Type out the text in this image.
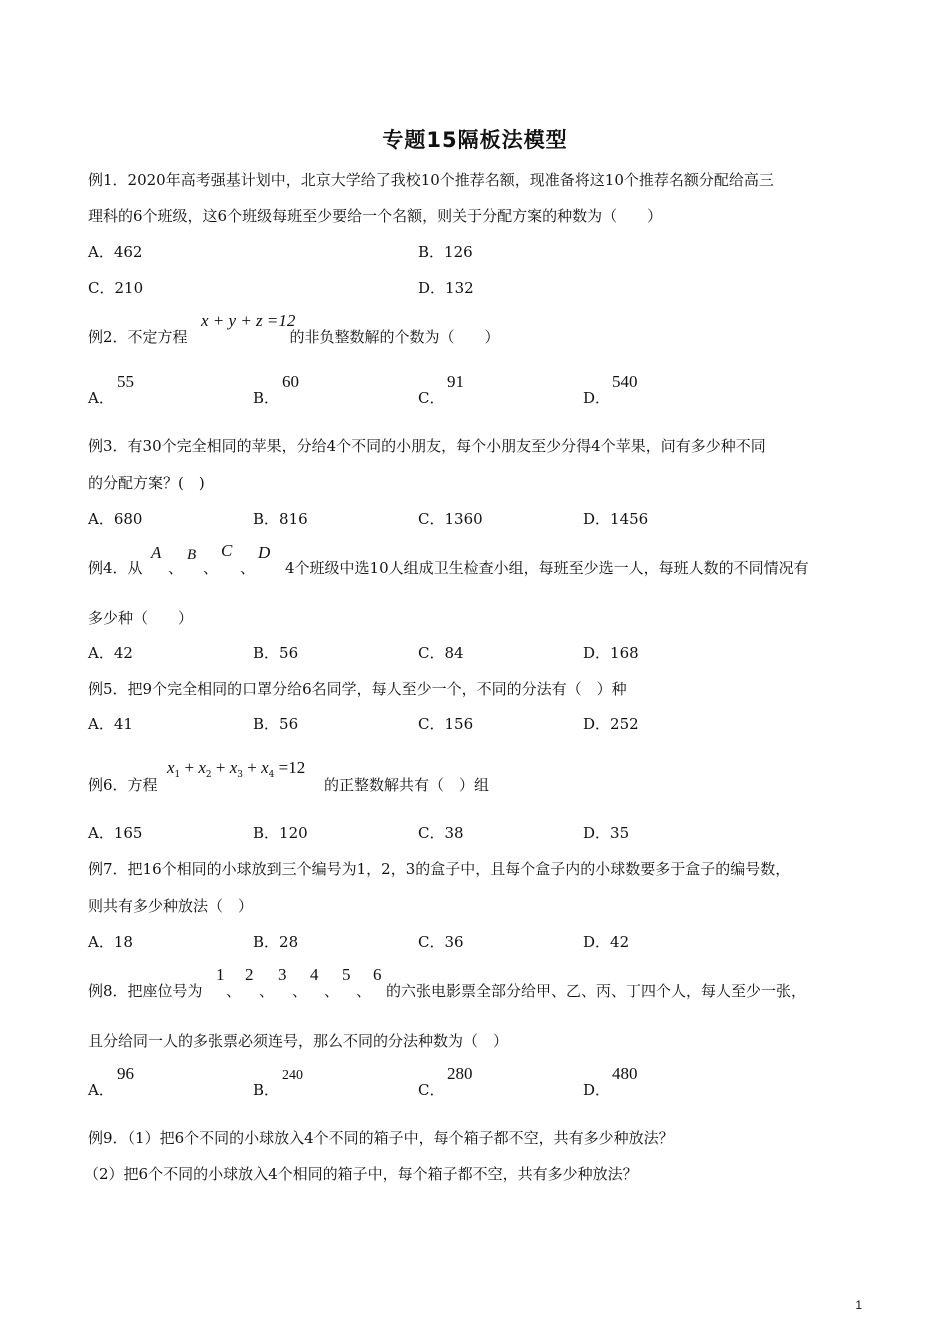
专题15隔板法模型
例1．2020年高考强基计划中，北京大学给了我校10个推荐名额，现准备将这10个推荐名额分配给高三
理科的6个班级，这6个班级每班至少要给一个名额，则关于分配方案的种数为（　　）
A．462	B．126
C．210	D．132
例2．不定方程	的非负整数解的个数为（　　）
x + y + z =12
A．
55
B．
60
C．
91
D．
540
例3．有30个完全相同的苹果，分给4个不同的小朋友，每个小朋友至少分得4个苹果，问有多少种不同
的分配方案？(　)
A．680	B．816	C．1360	D．1456
例4．从
A
、
B
、
C
、
D
4个班级中选10人组成卫生检查小组，每班至少选一人，每班人数的不同情况有
多少种（　　）
A．42	B．56	C．84	D．168
例5．把9个完全相同的口罩分给6名同学，每人至少一个，不同的分法有（　）种
A．41	B．56	C．156	D．252
例6．方程
$x_1 + x_2 + x_3 + x_4 =12$
的正整数解共有（　）组
A．165	B．120	C．38	D．35
例7．把16个相同的小球放到三个编号为1，2，3的盒子中，且每个盒子内的小球数要多于盒子的编号数，
则共有多少种放法（　）
A．18	B．28	C．36	D．42
例8．把座位号为
1
、
2
、
3
、
4
、
5
、
6
的六张电影票全部分给甲、乙、丙、丁四个人，每人至少一张，
且分给同一人的多张票必须连号，那么不同的分法种数为（　）
A．
96
B．
240
C．
280
D．
480
例9．（1）把6个不同的小球放入4个不同的箱子中，每个箱子都不空，共有多少种放法？
（2）把6个不同的小球放入4个相同的箱子中，每个箱子都不空，共有多少种放法？
1
